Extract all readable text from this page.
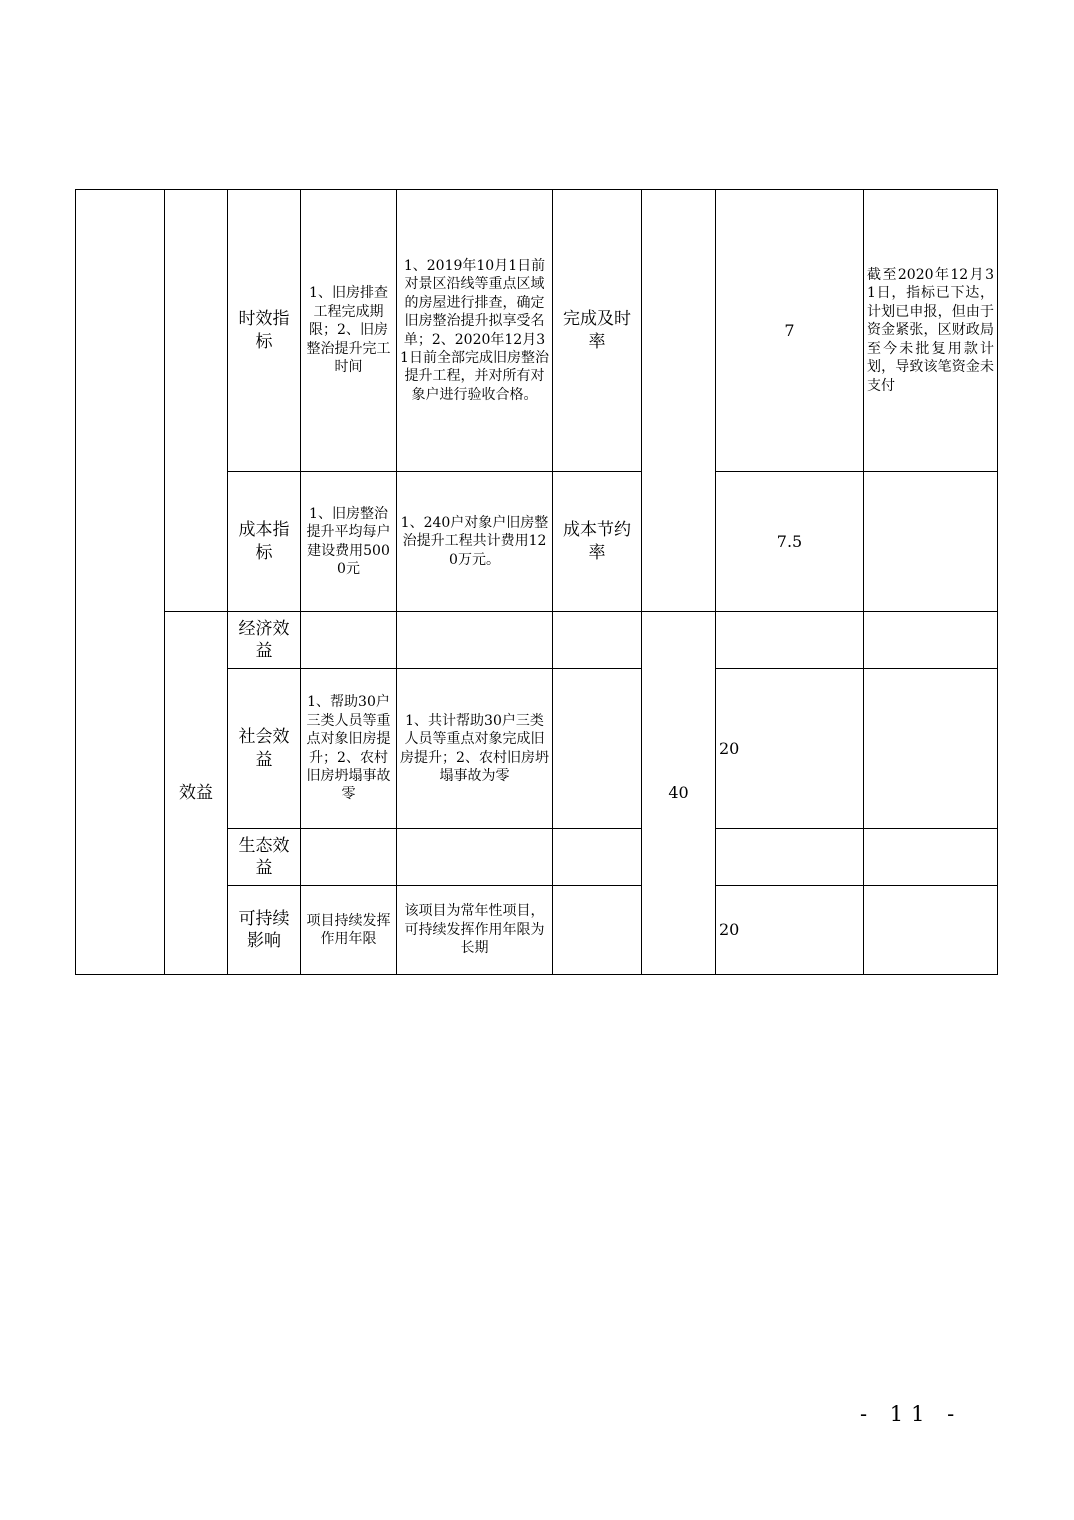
		时效指标	1、旧房排查工程完成期限；2、旧房整治提升完工时间	1、2019年10月1日前对景区沿线等重点区域的房屋进行排查，确定旧房整治提升拟享受名单；2、2020年12月31日前全部完成旧房整治提升工程，并对所有对象户进行验收合格。	完成及时率		7	截至2020年12月31日，指标已下达，计划已申报，但由于资金紧张，区财政局至今未批复用款计划，导致该笔资金未支付
		成本指标	1、旧房整治提升平均每户建设费用5000元	1、240户对象户旧房整治提升工程共计费用120万元。	成本节约率		7.5	
	效益	经济效益				40		
		社会效益	1、帮助30户三类人员等重点对象旧房提升；2、农村旧房坍塌事故零	1、共计帮助30户三类人员等重点对象完成旧房提升；2、农村旧房坍塌事故为零			20	
		生态效益						
		可持续影响	项目持续发挥作用年限	该项目为常年性项目，可持续发挥作用年限为长期			20	
- 11 -
